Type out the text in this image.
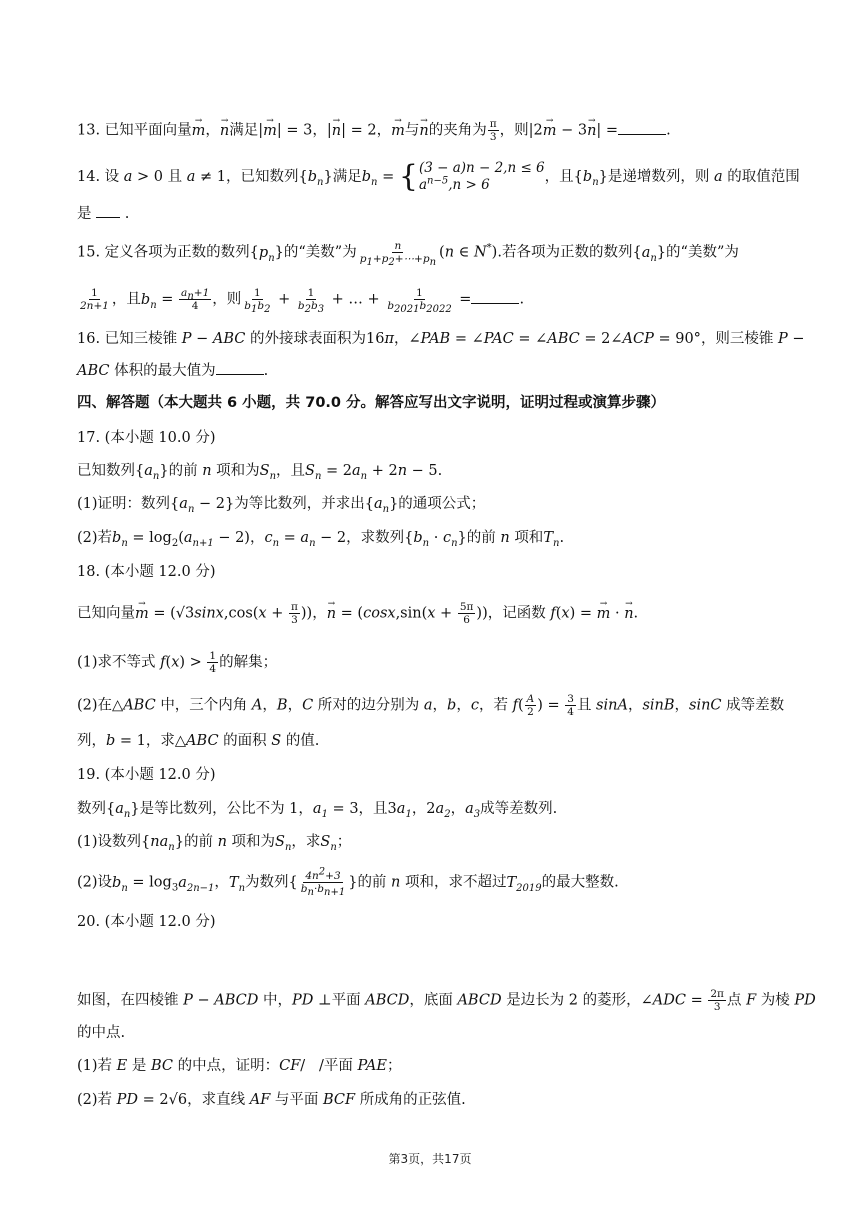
13. 已知平面向量→ m，→ n满足|→ m| = 3，|→ n| = 2，→ m与→ n的夹角为 $\frac{\pi}{3}$ ，则|2→ m − 3→ n| =	.
14. 设 a > 0 且 a ≠ 1，已知数列$\{b_n\}$满足$b_n$ = { (3 − a)n − 2,n ≤ 6
$a^{n-5},n > 6$	，且$\{b_n\}$是递增数列，则 a 的取值范围
是  .
15. 定义各项为正数的数列$\{p_n\}$的“美数”为 $\frac{n}{p_1+p_2+\cdots+p_n} (n$ ∈ N*).若各项为正数的数列$\{a_n\}$的“美数”为
$\frac{1}{2n+1}$ ，且$b_n = \frac{a_n+1}{4}$ ，则 $\frac{1}{b_1b_2} + \frac{1}{b_2b_3}$ + … + $\frac{1}{b_{2021}b_{2022}}$ =	.
16. 已知三棱锥 P − ABC 的外接球表面积为16π，∠PAB = ∠PAC = ∠ABC = 2∠ACP = 90°，则三棱锥 P −
ABC 体积的最大值为	.
四、解答题（本大题共 6 小题，共 70.0 分。解答应写出文字说明，证明过程或演算步骤）
17. (本小题 10.0 分)
已知数列$\{a_n\}$的前 n 项和为$S_n$，且$S_n = 2a_n + 2n - 5$.
(1)证明：数列$\{a_n - 2\}$为等比数列，并求出$\{a_n\}$的通项公式；
(2)若$b_n = \log_2(a_{n+1} - 2)$，$c_n = a_n - 2$，求数列$\{b_n \cdot c_n\}$的前 n 项和$T_n$.
18. (本小题 12.0 分)
已知向量→ $m = (√3\sin x,\cos(x + \frac{\pi}{3}$ ))，→ $n = (\cos x,\sin(x + \frac{5\pi}{6}$ ))，记函数 f(x) = → m · → n.
(1)求不等式 $f(x) > \frac{1}{4}$ 的解集；
(2)在△ABC 中，三个内角 A，B，C 所对的边分别为 a，b，c，若 $f( \frac{A}{2}$ ) = $\frac{3}{4}$ 且 sinA，sinB，sinC 成等差数
列，b = 1，求△ABC 的面积 S 的值.
19. (本小题 12.0 分)
数列$\{a_n\}$是等比数列，公比不为 1，$a_1 = 3$，且$3a_1$，$2a_2$，$a_3$成等差数列.
(1)设数列$\{na_n\}$的前 n 项和为$S_n$，求$S_n$；
(2)设$b_n = \log_3a_{2n-1}$，$T_n$为数列{ $\frac{4n^2+3}{b_n\cdot b_{n+1}}$ }的前 n 项和，求不超过$T_{2019}$的最大整数.
20. (本小题 12.0 分)
如图，在四棱锥 P − ABCD 中，PD ⊥平面 ABCD，底面 ABCD 是边长为 2 的菱形，∠ADC = $\frac{2\pi}{3}$ 点 F 为棱 PD
的中点.
(1)若 E 是 BC 的中点，证明：CF/   /平面 PAE；
(2)若 PD = 2√6，求直线 AF 与平面 BCF 所成角的正弦值.
第3页，共17页
